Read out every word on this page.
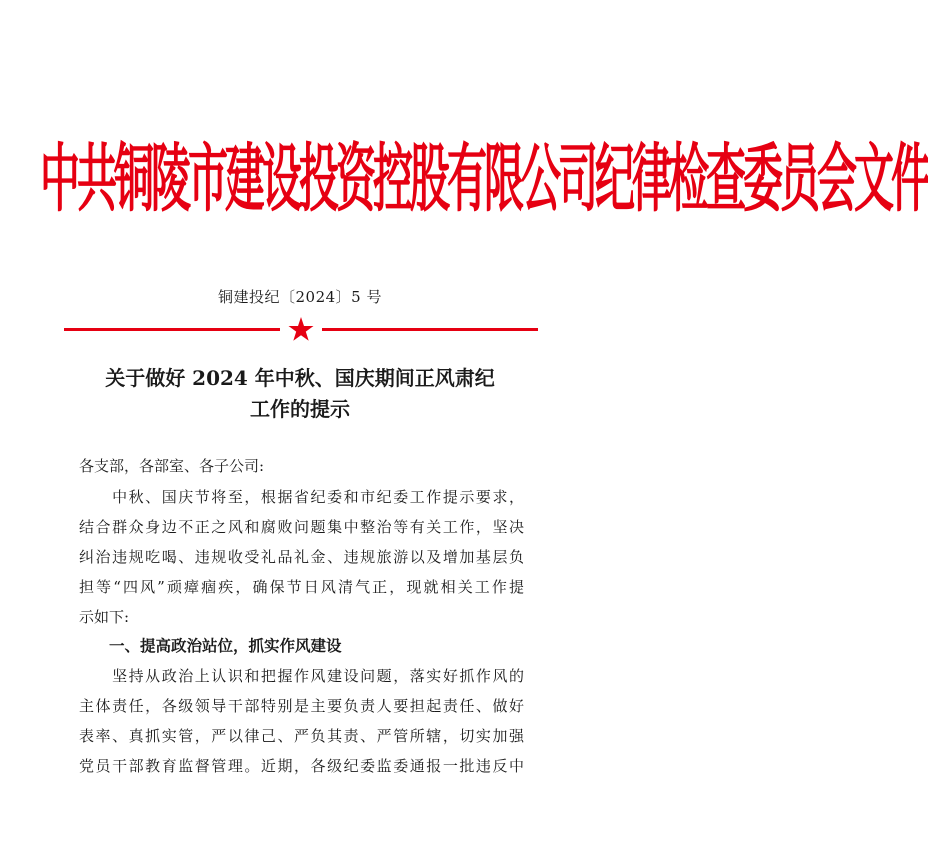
中共铜陵市建设投资控股有限公司纪律检查委员会文件
铜建投纪〔2024〕5 号
关于做好 2024 年中秋、国庆期间正风肃纪
工作的提示
各支部，各部室、各子公司:
　　中秋、国庆节将至，根据省纪委和市纪委工作提示要求，
结合群众身边不正之风和腐败问题集中整治等有关工作，坚决
纠治违规吃喝、违规收受礼品礼金、违规旅游以及增加基层负
担等“四风”顽瘴痼疾，确保节日风清气正，现就相关工作提
示如下:
一、提高政治站位，抓实作风建设
　　坚持从政治上认识和把握作风建设问题，落实好抓作风的
主体责任，各级领导干部特别是主要负责人要担起责任、做好
表率、真抓实管，严以律己、严负其责、严管所辖，切实加强
党员干部教育监督管理。近期，各级纪委监委通报一批违反中
